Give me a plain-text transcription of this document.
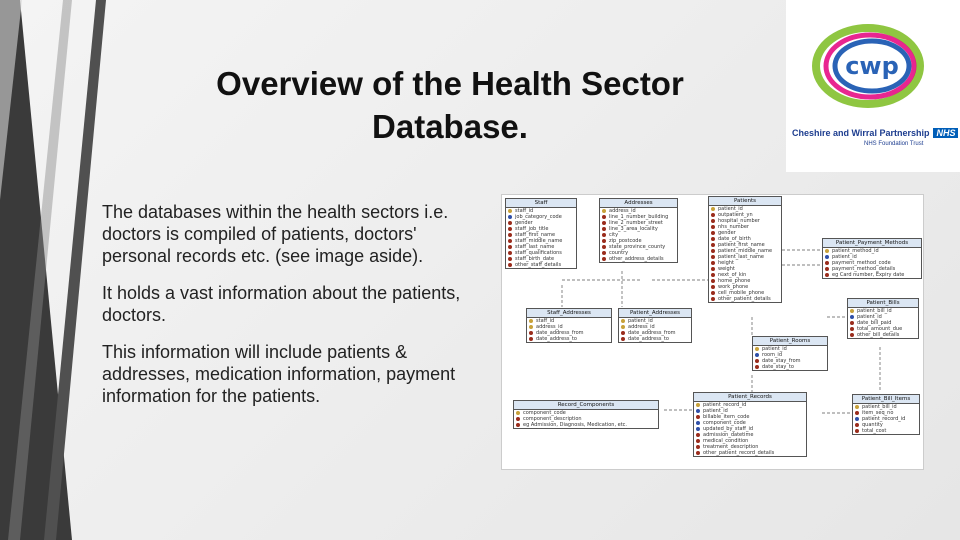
Overview of the Health Sector
Database.

The databases within the health sectors i.e. doctors is compiled of patients, doctors' personal records etc. (see image aside).

It holds a vast information about the patients, doctors.

This information will include patients & addresses, medication information, payment information for the patients.

cwp
Cheshire and Wirral Partnership NHS
NHS Foundation Trust
Staff
staff_id
job_category_code
gender
staff_job_title
staff_first_name
staff_middle_name
staff_last_name
staff_qualifications
staff_birth_date
other_staff_details
Addresses
address_id
line_1_number_building
line_2_number_street
line_3_area_locality
city
zip_postcode
state_province_county
country
other_address_details
Patients
patient_id
outpatient_yn
hospital_number
nhs_number
gender
date_of_birth
patient_first_name
patient_middle_name
patient_last_name
height
weight
next_of_kin
home_phone
work_phone
cell_mobile_phone
other_patient_details
Patient_Payment_Methods
patient_method_id
patient_id
payment_method_code
payment_method_details
eg Card number, Expiry date
Patient_Bills
patient_bill_id
patient_id
date_bill_paid
total_amount_due
other_bill_details
Staff_Addresses
staff_id
address_id
date_address_from
date_address_to
Patient_Addresses
patient_id
address_id
date_address_from
date_address_to	Patient_Rooms
patient_id
room_id
date_stay_from
date_stay_to
Record_Components
component_code
component_description
eg Admission, Diagnosis, Medication, etc.
Patient_Records
patient_record_id
patient_id
billable_item_code
component_code
updated_by_staff_id
admission_datetime
medical_condition
treatment_description
other_patient_record_details
Patient_Bill_Items
patient_bill_id
item_seq_no
patient_record_id
quantity
total_cost
